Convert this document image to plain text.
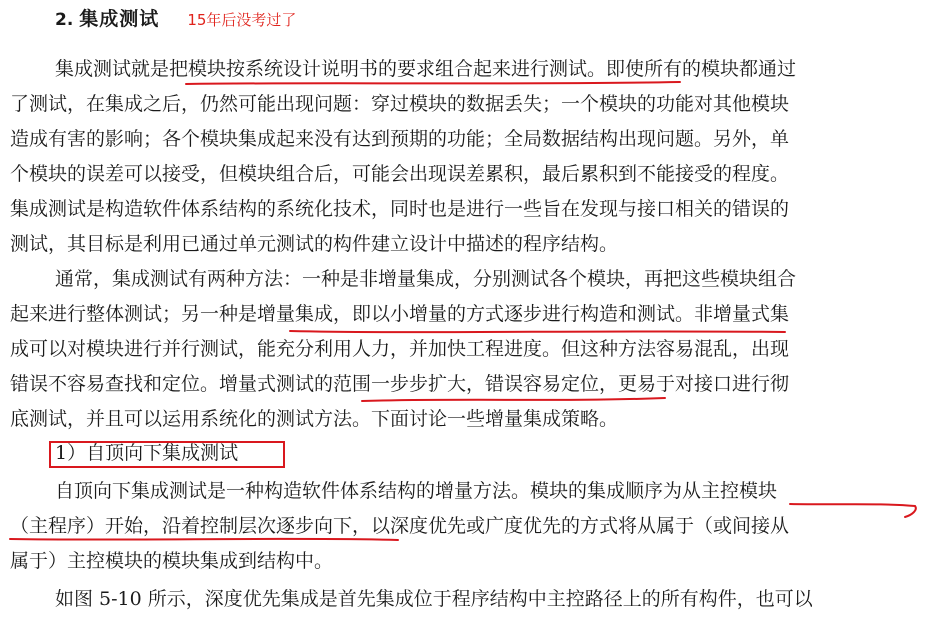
2. 集成测试 15年后没考过了
集成测试就是把模块按系统设计说明书的要求组合起来进行测试。即使所有的模块都通过
了测试，在集成之后，仍然可能出现问题：穿过模块的数据丢失；一个模块的功能对其他模块
造成有害的影响；各个模块集成起来没有达到预期的功能；全局数据结构出现问题。另外，单
个模块的误差可以接受，但模块组合后，可能会出现误差累积，最后累积到不能接受的程度。
集成测试是构造软件体系结构的系统化技术，同时也是进行一些旨在发现与接口相关的错误的
测试，其目标是利用已通过单元测试的构件建立设计中描述的程序结构。
通常，集成测试有两种方法：一种是非增量集成，分别测试各个模块，再把这些模块组合
起来进行整体测试；另一种是增量集成，即以小增量的方式逐步进行构造和测试。非增量式集
成可以对模块进行并行测试，能充分利用人力，并加快工程进度。但这种方法容易混乱，出现
错误不容易查找和定位。增量式测试的范围一步步扩大，错误容易定位，更易于对接口进行彻
底测试，并且可以运用系统化的测试方法。下面讨论一些增量集成策略。
1）自顶向下集成测试
自顶向下集成测试是一种构造软件体系结构的增量方法。模块的集成顺序为从主控模块
（主程序）开始，沿着控制层次逐步向下，以深度优先或广度优先的方式将从属于（或间接从
属于）主控模块的模块集成到结构中。
如图 5-10 所示，深度优先集成是首先集成位于程序结构中主控路径上的所有构件，也可以
